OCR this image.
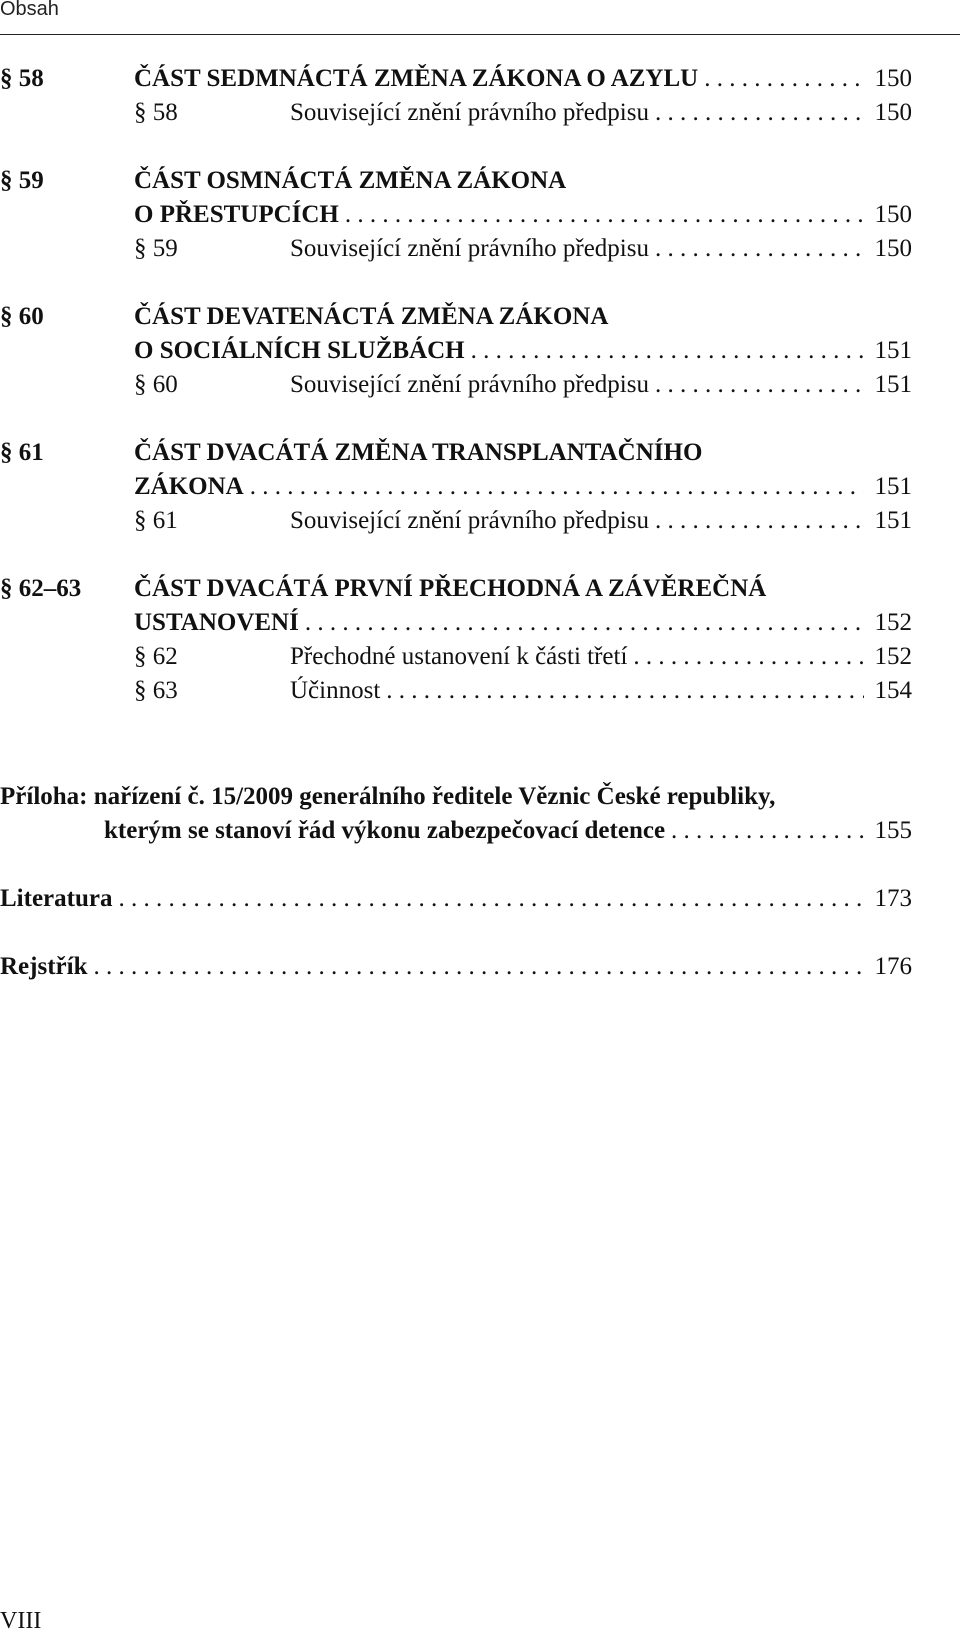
Obsah
§ 58	ČÁST SEDMNÁCTÁ ZMĚNA ZÁKONA O AZYLU . . .	150
§ 58	Související znění právního předpisu . . .	150
§ 59	ČÁST OSMNÁCTÁ ZMĚNA ZÁKONA
O PŘESTUPCÍCH . . .	150
§ 59	Související znění právního předpisu . . .	150
§ 60	ČÁST DEVATENÁCTÁ ZMĚNA ZÁKONA
O SOCIÁLNÍCH SLUŽBÁCH . . .	151
§ 60	Související znění právního předpisu . . .	151
§ 61	ČÁST DVACÁTÁ ZMĚNA TRANSPLANTAČNÍHO
ZÁKONA . . .	151
§ 61	Související znění právního předpisu . . .	151
§ 62–63 ČÁST DVACÁTÁ PRVNÍ PŘECHODNÁ A ZÁVĚREČNÁ
USTANOVENÍ . . .	152
§ 62	Přechodné ustanovení k části třetí . . .	152
§ 63	Účinnost . . .	154
Příloha: nařízení č. 15/2009 generálního ředitele Věznic České republiky,
kterým se stanoví řád výkonu zabezpečovací detence . . .	155
Literatura . . .	173
Rejstřík . . .	176
VIII
